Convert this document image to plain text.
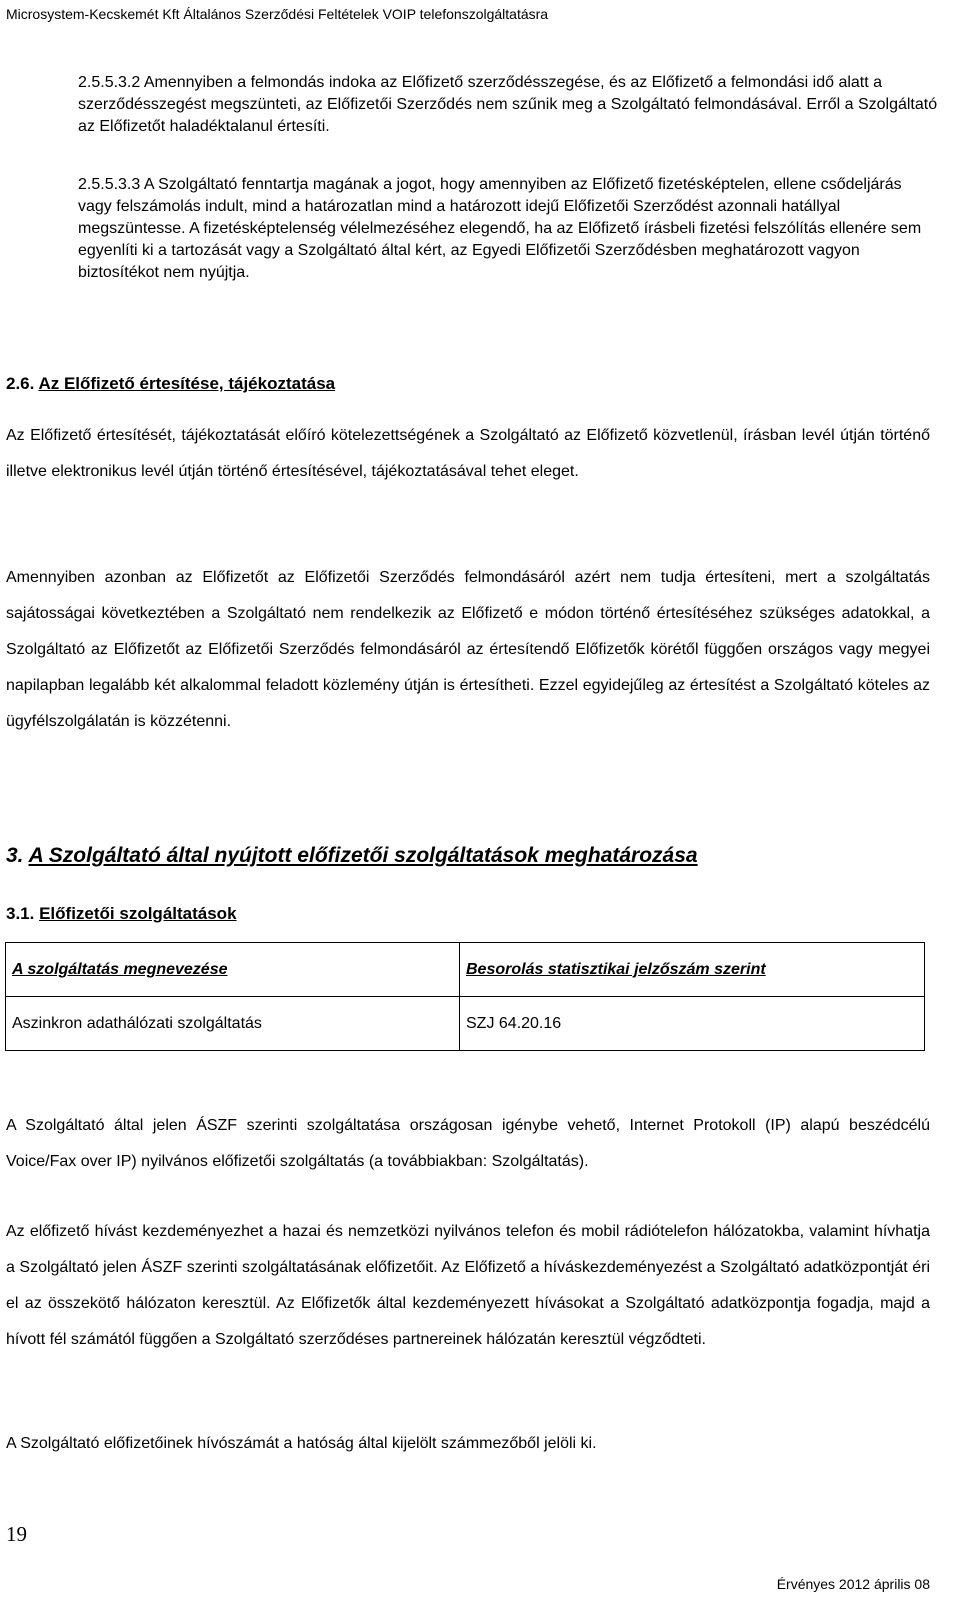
Microsystem-Kecskemét Kft Általános Szerződési Feltételek VOIP telefonszolgáltatásra

2.5.5.3.2 Amennyiben a felmondás indoka az Előfizető szerződésszegése, és az Előfizető a felmondási idő alatt a szerződésszegést megszünteti, az Előfizetői Szerződés nem szűnik meg a Szolgáltató felmondásával. Erről a Szolgáltató az Előfizetőt haladéktalanul értesíti.

2.5.5.3.3 A Szolgáltató fenntartja magának a jogot, hogy amennyiben az Előfizető fizetésképtelen, ellene csődeljárás vagy felszámolás indult, mind a határozatlan mind a határozott idejű Előfizetői Szerződést azonnali hatállyal megszüntesse. A fizetésképtelenség vélelmezéséhez elegendő, ha az Előfizető írásbeli fizetési felszólítás ellenére sem egyenlíti ki a tartozását vagy a Szolgáltató által kért, az Egyedi Előfizetői Szerződésben meghatározott vagyon biztosítékot nem nyújtja.

2.6. Az Előfizető értesítése, tájékoztatása

Az Előfizető értesítését, tájékoztatását előíró kötelezettségének a Szolgáltató az Előfizető közvetlenül, írásban levél útján történő illetve elektronikus levél útján történő értesítésével, tájékoztatásával tehet eleget.

Amennyiben azonban az Előfizetőt az Előfizetői Szerződés felmondásáról azért nem tudja értesíteni, mert a szolgáltatás sajátosságai következtében a Szolgáltató nem rendelkezik az Előfizető e módon történő értesítéséhez szükséges adatokkal, a Szolgáltató az Előfizetőt az Előfizetői Szerződés felmondásáról az értesítendő Előfizetők körétől függően országos vagy megyei napilapban legalább két alkalommal feladott közlemény útján is értesítheti. Ezzel egyidejűleg az értesítést a Szolgáltató köteles az ügyfélszolgálatán is közzétenni.

3. A Szolgáltató által nyújtott előfizetői szolgáltatások meghatározása
3.1. Előfizetői szolgáltatások
A szolgáltatás megnevezése	Besorolás statisztikai jelzőszám szerint
Aszinkron adathálózati szolgáltatás	SZJ 64.20.16

A Szolgáltató által jelen ÁSZF szerinti szolgáltatása országosan igénybe vehető, Internet Protokoll (IP) alapú beszédcélú Voice/Fax over IP) nyilvános előfizetői szolgáltatás (a továbbiakban: Szolgáltatás).

Az előfizető hívást kezdeményezhet a hazai és nemzetközi nyilvános telefon és mobil rádiótelefon hálózatokba, valamint hívhatja a Szolgáltató jelen ÁSZF szerinti szolgáltatásának előfizetőit. Az Előfizető a híváskezdeményezést a Szolgáltató adatközpontját éri el az összekötő hálózaton keresztül. Az Előfizetők által kezdeményezett hívásokat a Szolgáltató adatközpontja fogadja, majd a hívott fél számától függően a Szolgáltató szerződéses partnereinek hálózatán keresztül végződteti.

A Szolgáltató előfizetőinek hívószámát a hatóság által kijelölt számmezőből jelöli ki.

19
Érvényes 2012 április 08
